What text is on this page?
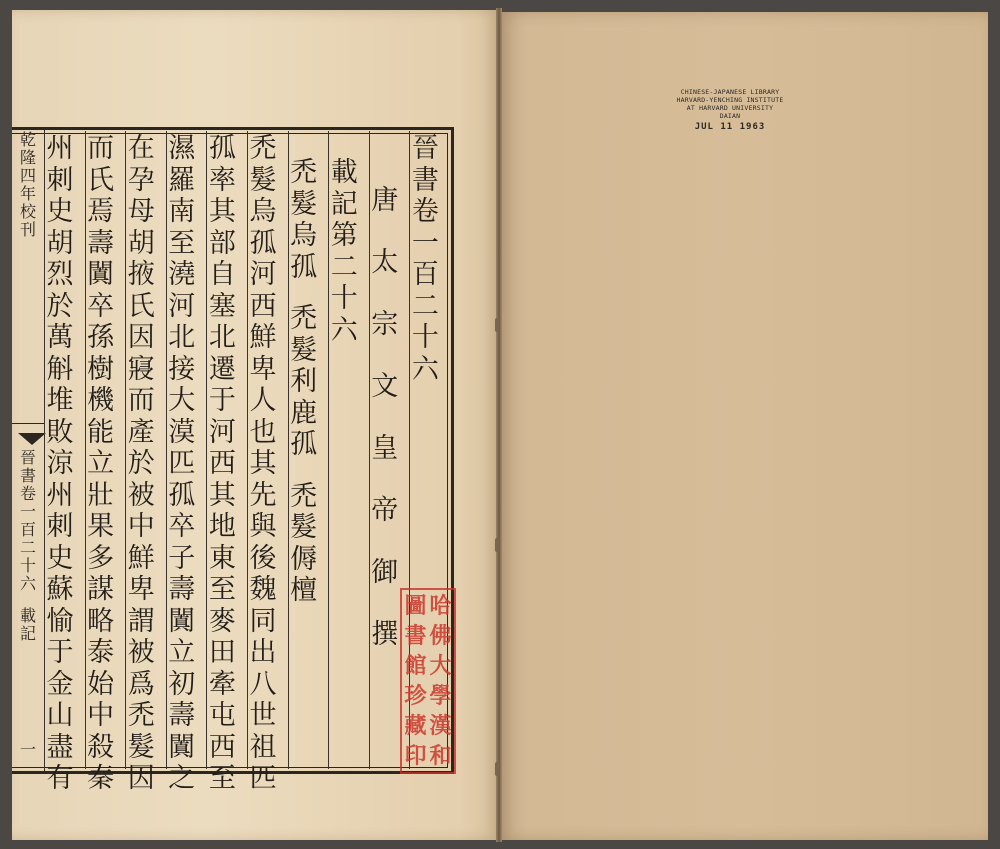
乾
隆
四
年
校
刊
晉
書
卷
一
百
二
十
六
載
記
一
晉
書
卷
一
百
二
十
六
唐
太
宗
文
皇
帝
御
撰
載
記
第
二
十
六
禿
髮
烏
孤

禿
髮
利
鹿
孤

禿
髮
傉
檀
禿
髮
烏
孤
河
西
鮮
卑
人
也
其
先
與
後
魏
同
出
八
世
祖
匹
孤
率
其
部
自
塞
北
遷
于
河
西
其
地
東
至
麥
田
牽
屯
西
至
濕
羅
南
至
澆
河
北
接
大
漠
匹
孤
卒
子
壽
闐
立
初
壽
闐
之
在
孕
母
胡
掖
氏
因
寢
而
產
於
被
中
鮮
卑
謂
被
爲
禿
髮
因
而
氏
焉
壽
闐
卒
孫
樹
機
能
立
壯
果
多
謀
略
泰
始
中
殺
秦
州
刺
史
胡
烈
於
萬
斛
堆
敗
涼
州
刺
史
蘇
愉
于
金
山
盡
有
哈
佛
大
學
漢
和
圖
書
館
珍
藏
印
CHINESE-JAPANESE LIBRARY
HARVARD-YENCHING INSTITUTE
AT HARVARD UNIVERSITY
DAIAN
JUL 11 1963
